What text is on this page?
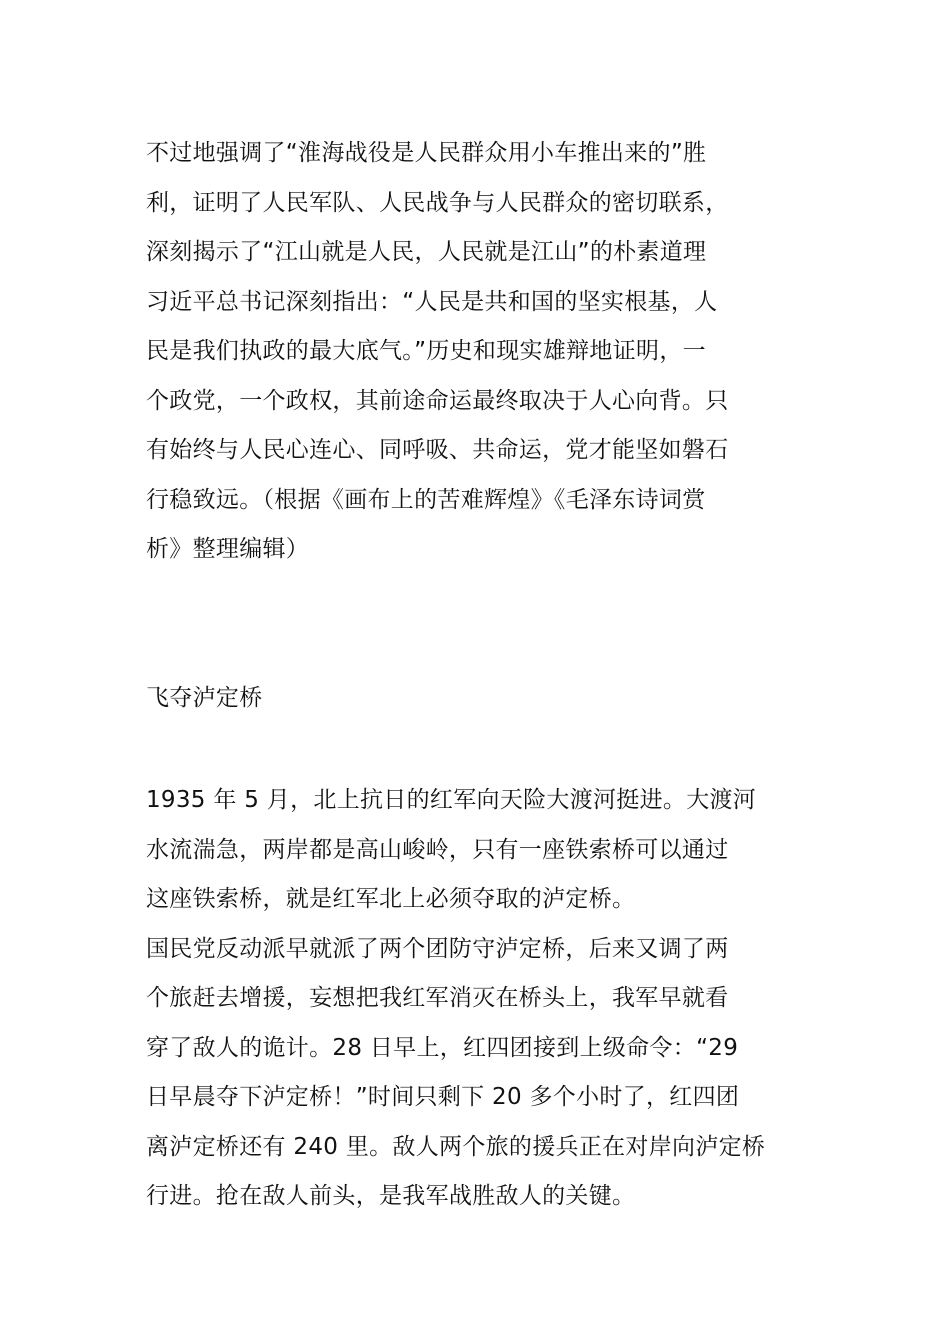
不过地强调了“淮海战役是人民群众用小车推出来的”胜
利，证明了人民军队、人民战争与人民群众的密切联系，
深刻揭示了“江山就是人民，人民就是江山”的朴素道理
习近平总书记深刻指出：“人民是共和国的坚实根基，人
民是我们执政的最大底气。”历史和现实雄辩地证明，一
个政党，一个政权，其前途命运最终取决于人心向背。只
有始终与人民心连心、同呼吸、共命运，党才能坚如磐石
行稳致远。（根据《画布上的苦难辉煌》《毛泽东诗词赏
析》整理编辑）
飞夺泸定桥
1935 年 5 月，北上抗日的红军向天险大渡河挺进。大渡河
水流湍急，两岸都是高山峻岭，只有一座铁索桥可以通过
这座铁索桥，就是红军北上必须夺取的泸定桥。
国民党反动派早就派了两个团防守泸定桥，后来又调了两
个旅赶去增援，妄想把我红军消灭在桥头上，我军早就看
穿了敌人的诡计。28 日早上，红四团接到上级命令：“29
日早晨夺下泸定桥！”时间只剩下 20 多个小时了，红四团
离泸定桥还有 240 里。敌人两个旅的援兵正在对岸向泸定桥
行进。抢在敌人前头，是我军战胜敌人的关键。
